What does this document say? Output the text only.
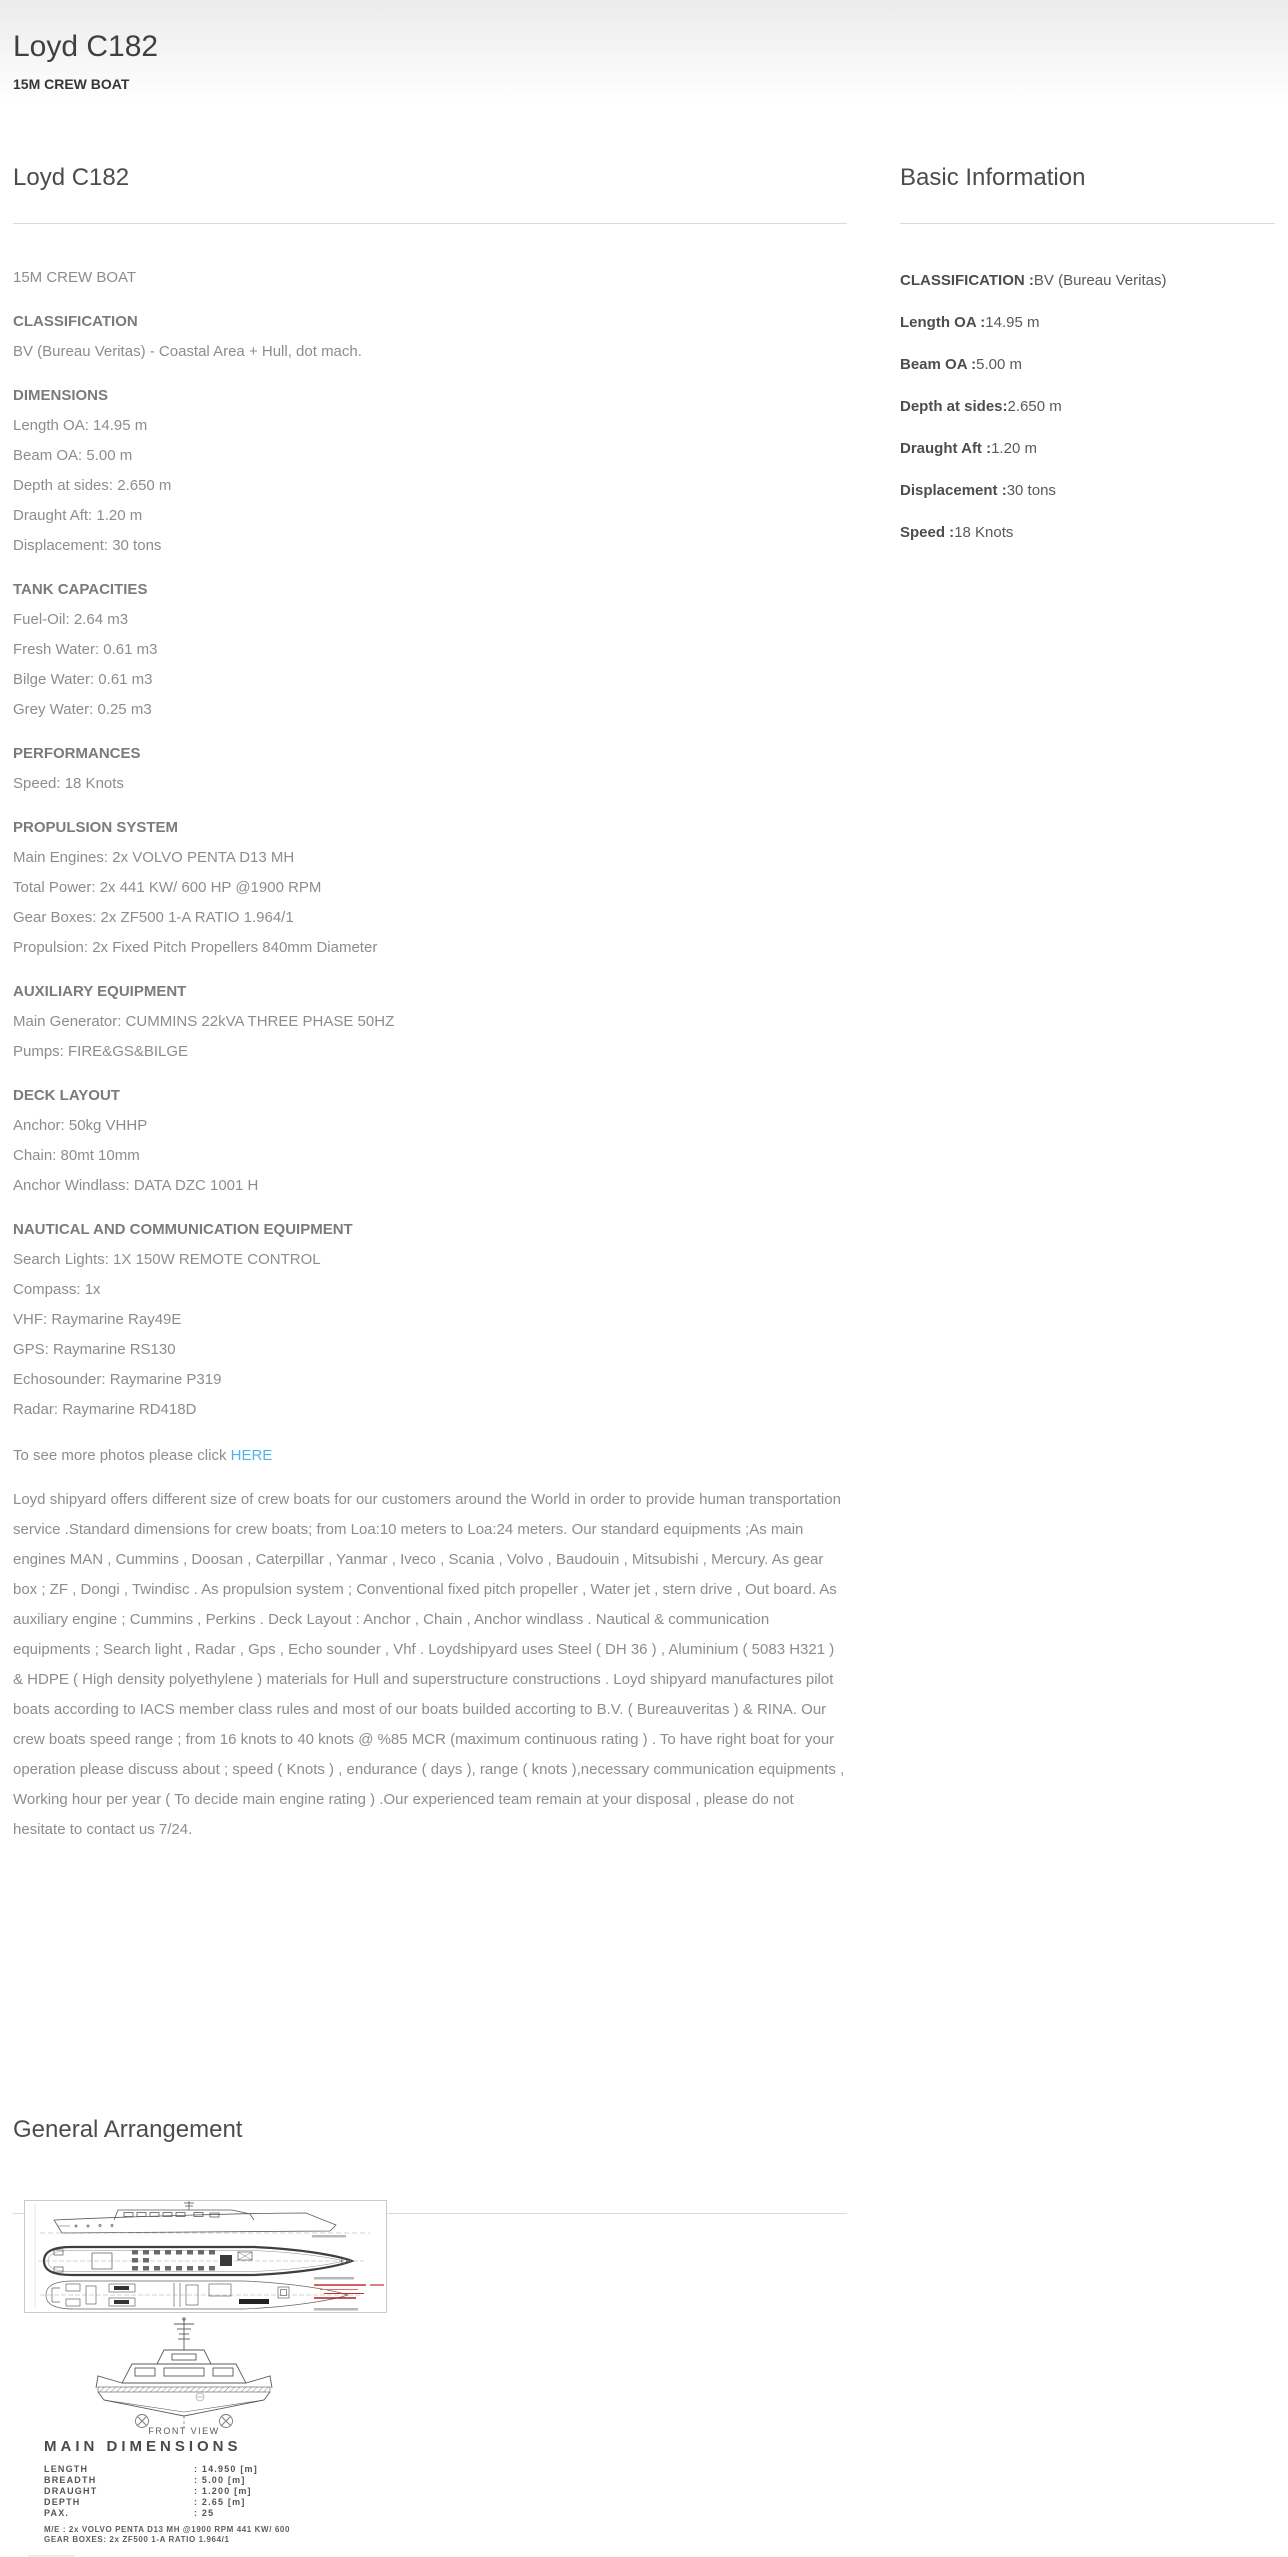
Loyd C182
15M CREW BOAT
Loyd C182

15M CREW BOAT

CLASSIFICATION

BV (Bureau Veritas) - Coastal Area + Hull, dot mach.

DIMENSIONS

Length OA: 14.95 m

Beam OA: 5.00 m

Depth at sides: 2.650 m

Draught Aft: 1.20 m

Displacement: 30 tons

TANK CAPACITIES

Fuel-Oil: 2.64 m3

Fresh Water: 0.61 m3

Bilge Water: 0.61 m3

Grey Water: 0.25 m3

PERFORMANCES

Speed: 18 Knots

PROPULSION SYSTEM

Main Engines: 2x VOLVO PENTA D13 MH

Total Power: 2x 441 KW/ 600 HP @1900 RPM

Gear Boxes: 2x ZF500 1-A RATIO 1.964/1

Propulsion: 2x Fixed Pitch Propellers 840mm Diameter

AUXILIARY EQUIPMENT

Main Generator: CUMMINS 22kVA THREE PHASE 50HZ

Pumps: FIRE&GS&BILGE

DECK LAYOUT

Anchor: 50kg VHHP

Chain: 80mt 10mm

Anchor Windlass: DATA DZC 1001 H

NAUTICAL AND COMMUNICATION EQUIPMENT

Search Lights: 1X 150W REMOTE CONTROL

Compass: 1x

VHF: Raymarine Ray49E

GPS: Raymarine RS130

Echosounder: Raymarine P319

Radar: Raymarine RD418D

To see more photos please click HERE

Loyd shipyard offers different size of crew boats for our customers around the World in order to provide human transportation service .Standard dimensions for crew boats; from Loa:10 meters to Loa:24 meters. Our standard equipments ;As main engines MAN , Cummins , Doosan , Caterpillar , Yanmar , Iveco , Scania , Volvo , Baudouin , Mitsubishi , Mercury. As gear box ; ZF , Dongi , Twindisc . As propulsion system ; Conventional fixed pitch propeller , Water jet , stern drive , Out board. As auxiliary engine ; Cummins , Perkins . Deck Layout : Anchor , Chain , Anchor windlass . Nautical & communication equipments ; Search light , Radar , Gps , Echo sounder , Vhf . Loydshipyard uses Steel ( DH 36 ) , Aluminium ( 5083 H321 ) & HDPE ( High density polyethylene ) materials for Hull and superstructure constructions . Loyd shipyard manufactures pilot boats according to IACS member class rules and most of our boats builded accorting to B.V. ( Bureauveritas ) & RINA. Our crew boats speed range ; from 16 knots to 40 knots @ %85 MCR (maximum continuous rating ) . To have right boat for your operation please discuss about ; speed ( Knots ) , endurance ( days ), range ( knots ),necessary communication equipments , Working hour per year ( To decide main engine rating ) .Our experienced team remain at your disposal , please do not hesitate to contact us 7/24.

Basic Information

CLASSIFICATION :BV (Bureau Veritas)

Length OA :14.95 m

Beam OA :5.00 m

Depth at sides:2.650 m

Draught Aft :1.20 m

Displacement :30 tons

Speed :18 Knots

General Arrangement
FRONT VIEW
MAIN DIMENSIONS
LENGTH	: 14.950 [m]
BREADTH	: 5.00 [m]
DRAUGHT	: 1.200 [m]
DEPTH	: 2.65 [m]
PAX.	: 25
M/E : 2x VOLVO PENTA D13 MH @1900 RPM 441 KW/ 600
GEAR BOXES: 2x ZF500 1-A RATIO 1.964/1
